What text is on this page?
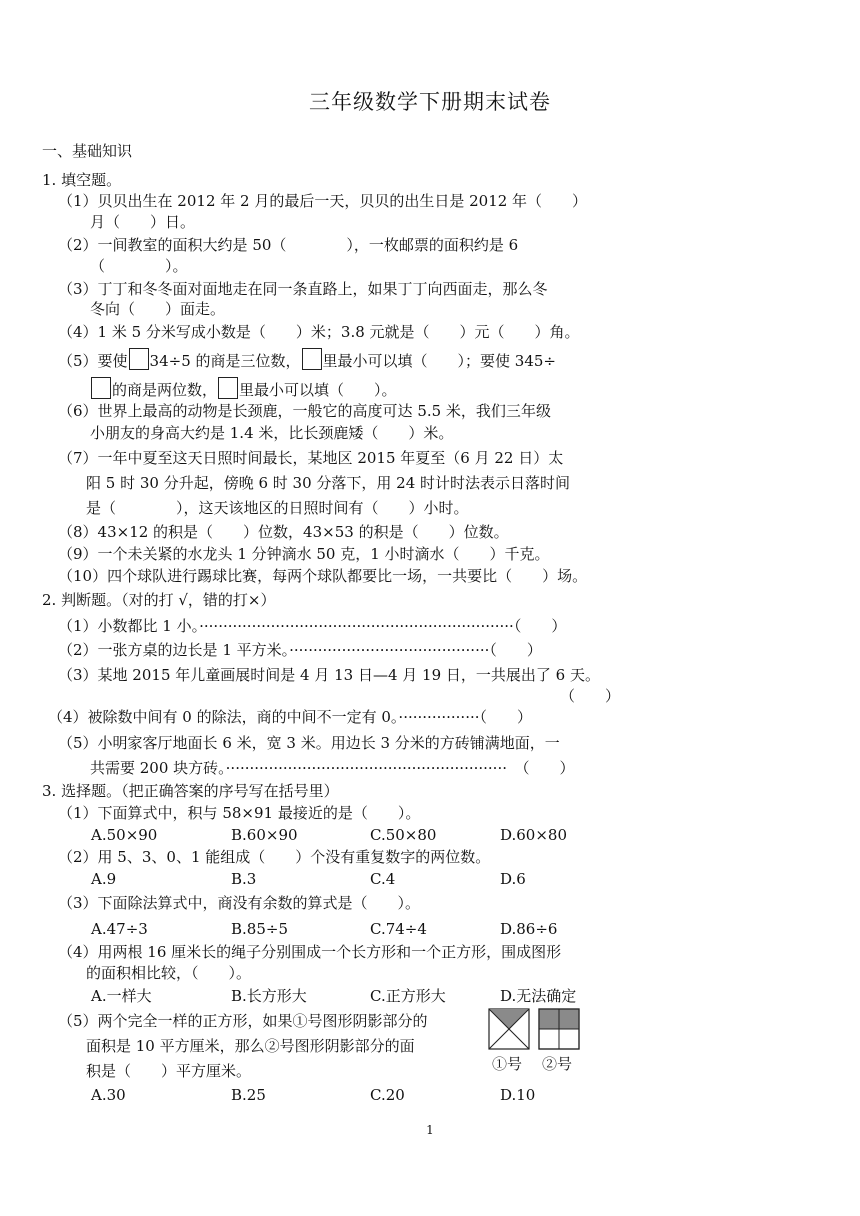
三年级数学下册期末试卷
一、基础知识
1. 填空题。
（1）贝贝出生在 2012 年 2 月的最后一天，贝贝的出生日是 2012 年（　　）
月（　　）日。
（2）一间教室的面积大约是 50（　　　　），一枚邮票的面积约是 6
（　　　　）。
（3）丁丁和冬冬面对面地走在同一条直路上，如果丁丁向西面走，那么冬
冬向（　　）面走。
（4）1 米 5 分米写成小数是（　　）米；3.8 元就是（　　）元（　　）角。
（5）要使 34÷5 的商是三位数， 里最小可以填（　　）；要使 345÷
的商是两位数， 里最小可以填（　　）。
（6）世界上最高的动物是长颈鹿，一般它的高度可达 5.5 米，我们三年级
小朋友的身高大约是 1.4 米，比长颈鹿矮（　　）米。
（7）一年中夏至这天日照时间最长，某地区 2015 年夏至（6 月 22 日）太
阳 5 时 30 分升起，傍晚 6 时 30 分落下，用 24 时计时法表示日落时间
是（　　　　），这天该地区的日照时间有（　　）小时。
（8）43×12 的积是（　　）位数，43×53 的积是（　　）位数。
（9）一个未关紧的水龙头 1 分钟滴水 50 克，1 小时滴水（　　）千克。
（10）四个球队进行踢球比赛，每两个球队都要比一场，一共要比（　　）场。
2. 判断题。（对的打 √，错的打×）
（1）小数都比 1 小。··································································（　　）
（2）一张方桌的边长是 1 平方米。··········································（　　）
（3）某地 2015 年儿童画展时间是 4 月 13 日—4 月 19 日，一共展出了 6 天。
（　　）
（4）被除数中间有 0 的除法，商的中间不一定有 0。·················（　　）
（5）小明家客厅地面长 6 米，宽 3 米。用边长 3 分米的方砖铺满地面，一
共需要 200 块方砖。···························································　（　　）
3. 选择题。（把正确答案的序号写在括号里）
（1）下面算式中，积与 58×91 最接近的是（　　）。
A.50×90	B.60×90	C.50×80	D.60×80
（2）用 5、3、0、1 能组成（　　）个没有重复数字的两位数。
A.9	B.3	C.4	D.6
（3）下面除法算式中，商没有余数的算式是（　　）。
A.47÷3	B.85÷5	C.74÷4	D.86÷6
（4）用两根 16 厘米长的绳子分别围成一个长方形和一个正方形，围成图形
的面积相比较，（　　）。
A.一样大	B.长方形大	C.正方形大	D.无法确定
（5）两个完全一样的正方形，如果①号图形阴影部分的
面积是 10 平方厘米，那么②号图形阴影部分的面
积是（　　）平方厘米。
A.30	B.25	C.20	D.10
①号 ②号
1
